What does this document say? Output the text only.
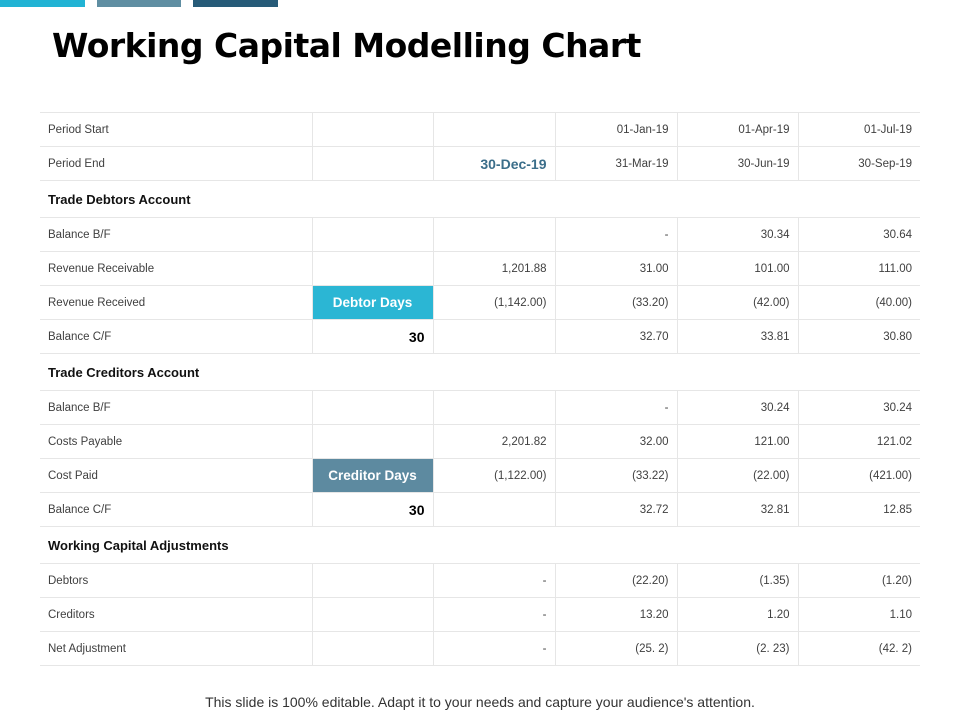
Working Capital Modelling Chart
Period Start			01-Jan-19	01-Apr-19	01-Jul-19
Period End		30-Dec-19	31-Mar-19	30-Jun-19	30-Sep-19
Trade Debtors Account					
Balance B/F			-	30.34	30.64
Revenue Receivable		1,201.88	31.00	101.00	111.00
Revenue Received	Debtor Days	(1,142.00)	(33.20)	(42.00)	(40.00)
Balance C/F	30		32.70	33.81	30.80
Trade Creditors Account					
Balance B/F			-	30.24	30.24
Costs Payable		2,201.82	32.00	121.00	121.02
Cost Paid	Creditor Days	(1,122.00)	(33.22)	(22.00)	(421.00)
Balance C/F	30		32.72	32.81	12.85
Working Capital Adjustments					
Debtors		-	(22.20)	(1.35)	(1.20)
Creditors		-	13.20	1.20	1.10
Net Adjustment		-	(25. 2)	(2. 23)	(42. 2)
This slide is 100% editable. Adapt it to your needs and capture your audience's attention.
